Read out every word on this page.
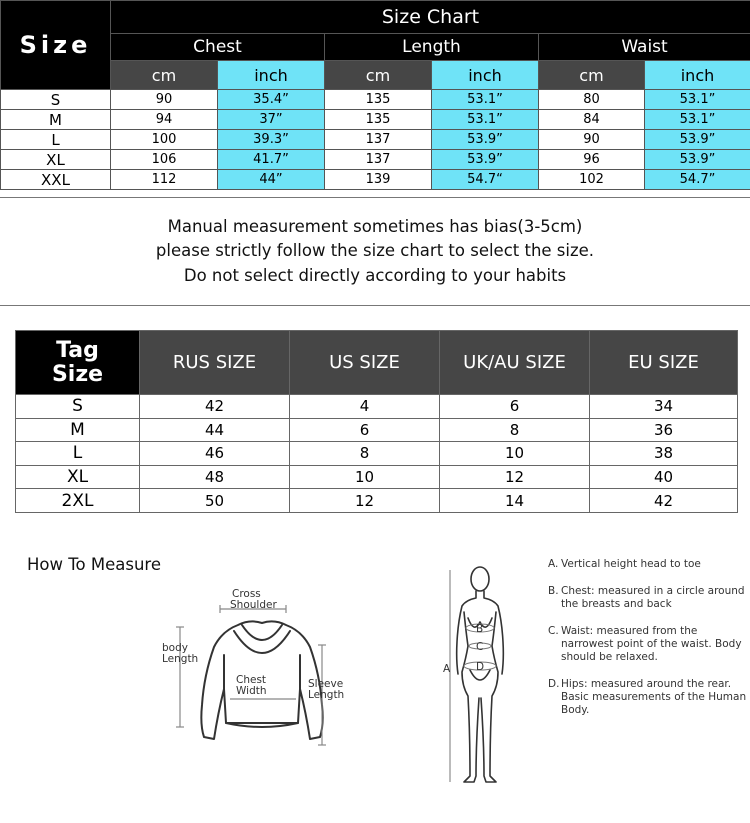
Size	Size Chart					
	Chest		Length		Waist	
	cm	inch	cm	inch	cm	inch
S	90	35.4”	135	53.1”	80	53.1”
M	94	37”	135	53.1”	84	53.1”
L	100	39.3”	137	53.9”	90	53.9”
XL	106	41.7”	137	53.9”	96	53.9”
XXL	112	44”	139	54.7“	102	54.7”

Manual measurement sometimes has bias(3-5cm)

please strictly follow the size chart to select the size.

Do not select directly according to your habits

Tag
Size	RUS SIZE	US SIZE	UK/AU SIZE	EU SIZE
S	42	4	6	34
M	44	6	8	36
L	46	8	10	38
XL	48	10	12	40
2XL	50	12	14	42
How To Measure
Cross
Shoulder
body
Length
Chest
Width
Sleeve
Length
A
B
C
D
A. Vertical height head to toe
B. Chest: measured in a circle around the breasts and back
C. Waist: measured from the narrowest point of the waist. Body should be relaxed.
D. Hips: measured around the rear. Basic measurements of the Human Body.
